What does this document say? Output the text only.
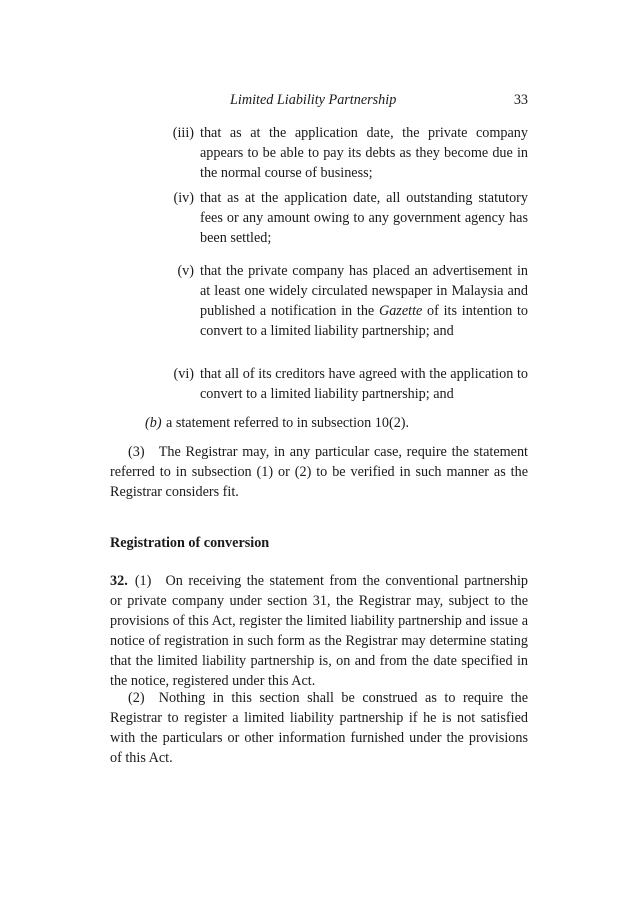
Limited Liability Partnership	33
(iii) that as at the application date, the private company appears to be able to pay its debts as they become due in the normal course of business;
(iv) that as at the application date, all outstanding statutory fees or any amount owing to any government agency has been settled;
(v) that the private company has placed an advertisement in at least one widely circulated newspaper in Malaysia and published a notification in the Gazette of its intention to convert to a limited liability partnership; and
(vi) that all of its creditors have agreed with the application to convert to a limited liability partnership; and
(b) a statement referred to in subsection 10(2).
(3)  The Registrar may, in any particular case, require the statement referred to in subsection (1) or (2) to be verified in such manner as the Registrar considers fit.
Registration of conversion
32. (1)  On receiving the statement from the conventional partnership or private company under section 31, the Registrar may, subject to the provisions of this Act, register the limited liability partnership and issue a notice of registration in such form as the Registrar may determine stating that the limited liability partnership is, on and from the date specified in the notice, registered under this Act.
(2)  Nothing in this section shall be construed as to require the Registrar to register a limited liability partnership if he is not satisfied with the particulars or other information furnished under the provisions of this Act.
